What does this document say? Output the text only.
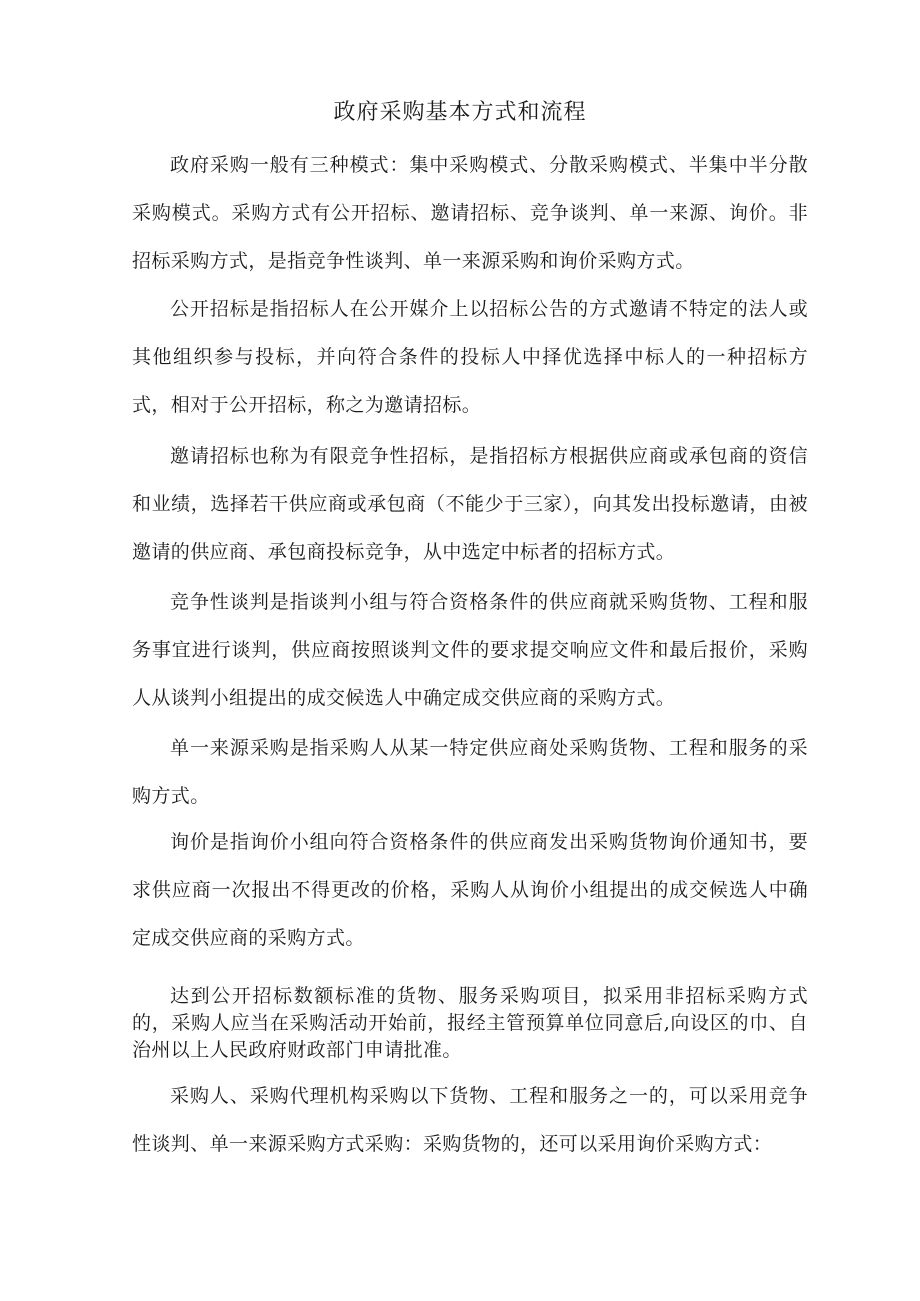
政府采购基本方式和流程

政府采购一般有三种模式：集中采购模式、分散采购模式、半集中半分散采购模式。采购方式有公开招标、邀请招标、竞争谈判、单一来源、询价。非招标采购方式，是指竞争性谈判、单一来源采购和询价采购方式。

公开招标是指招标人在公开媒介上以招标公告的方式邀请不特定的法人或其他组织参与投标，并向符合条件的投标人中择优选择中标人的一种招标方式，相对于公开招标，称之为邀请招标。

邀请招标也称为有限竞争性招标，是指招标方根据供应商或承包商的资信和业绩，选择若干供应商或承包商（不能少于三家），向其发出投标邀请，由被邀请的供应商、承包商投标竞争，从中选定中标者的招标方式。

竞争性谈判是指谈判小组与符合资格条件的供应商就采购货物、工程和服务事宜进行谈判，供应商按照谈判文件的要求提交响应文件和最后报价，采购人从谈判小组提出的成交候选人中确定成交供应商的采购方式。

单一来源采购是指采购人从某一特定供应商处采购货物、工程和服务的采购方式。

询价是指询价小组向符合资格条件的供应商发出采购货物询价通知书，要求供应商一次报出不得更改的价格，采购人从询价小组提出的成交候选人中确定成交供应商的采购方式。

达到公开招标数额标准的货物、服务采购项目，拟采用非招标采购方式的，采购人应当在采购活动开始前，报经主管预算单位同意后,向设区的巾、自治州以上人民政府财政部门申请批准。

采购人、采购代理机构采购以下货物、工程和服务之一的，可以采用竞争性谈判、单一来源采购方式采购：采购货物的，还可以采用询价采购方式：
